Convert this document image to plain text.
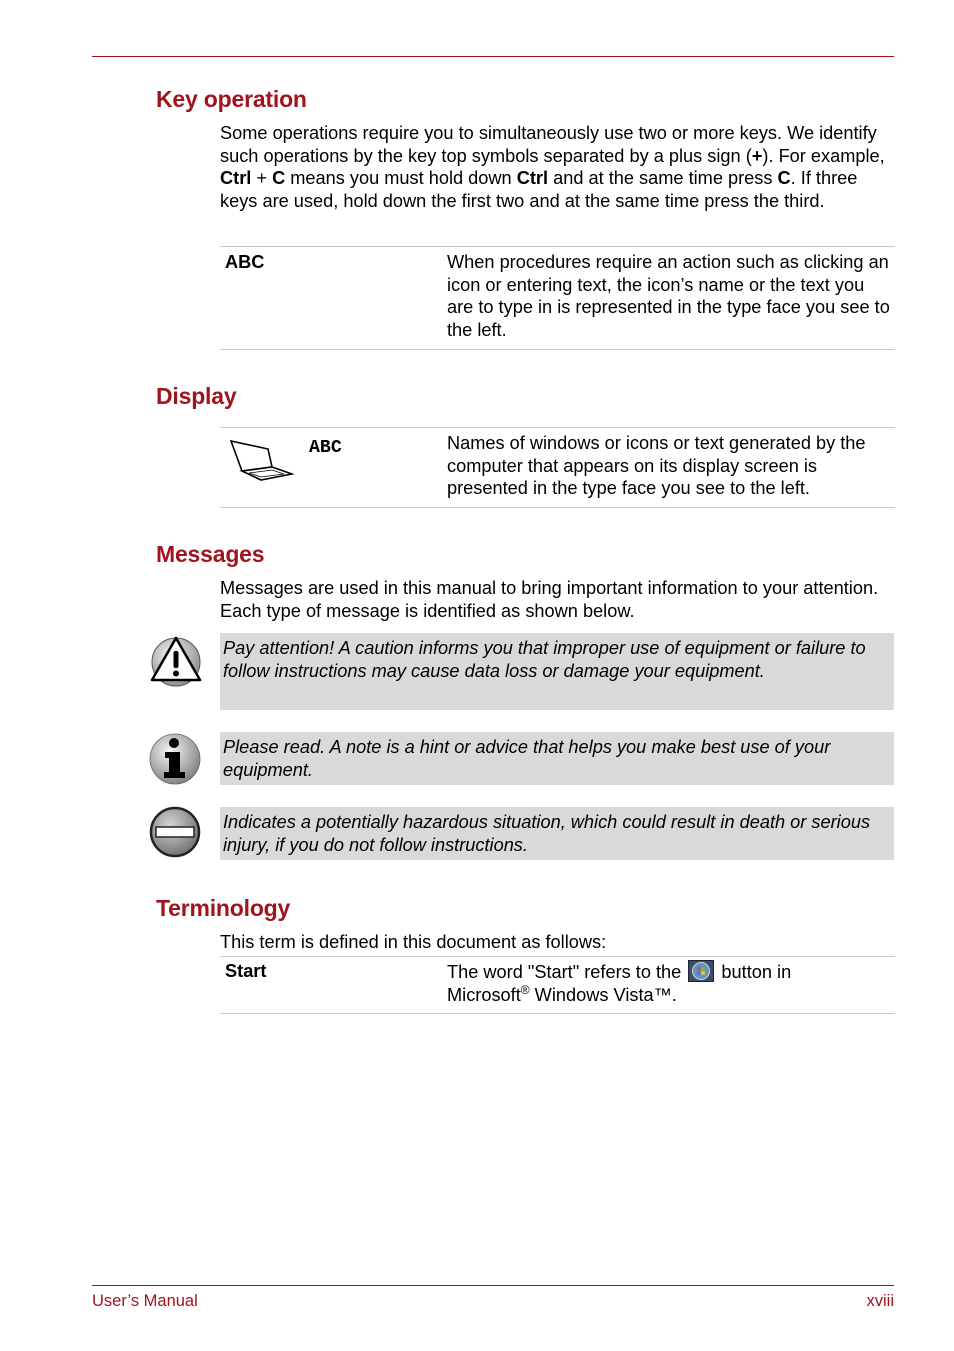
Key operation

Some operations require you to simultaneously use two or more keys. We identify such operations by the key top symbols separated by a plus sign (+). For example, Ctrl + C means you must hold down Ctrl and at the same time press C. If three keys are used, hold down the first two and at the same time press the third.

ABC	When procedures require an action such as clicking an icon or entering text, the icon’s name or the text you are to type in is represented in the type face you see to the left.
Display
ABC	Names of windows or icons or text generated by the computer that appears on its display screen is presented in the type face you see to the left.
Messages

Messages are used in this manual to bring important information to your attention. Each type of message is identified as shown below.

Pay attention! A caution informs you that improper use of equipment or failure to follow instructions may cause data loss or damage your equipment.

Please read. A note is a hint or advice that helps you make best use of your equipment.

Indicates a potentially hazardous situation, which could result in death or serious injury, if you do not follow instructions.

Terminology

This term is defined in this document as follows:

Start	The word "Start" refers to the button in
Microsoft® Windows Vista™.
User’s Manual	xviii
